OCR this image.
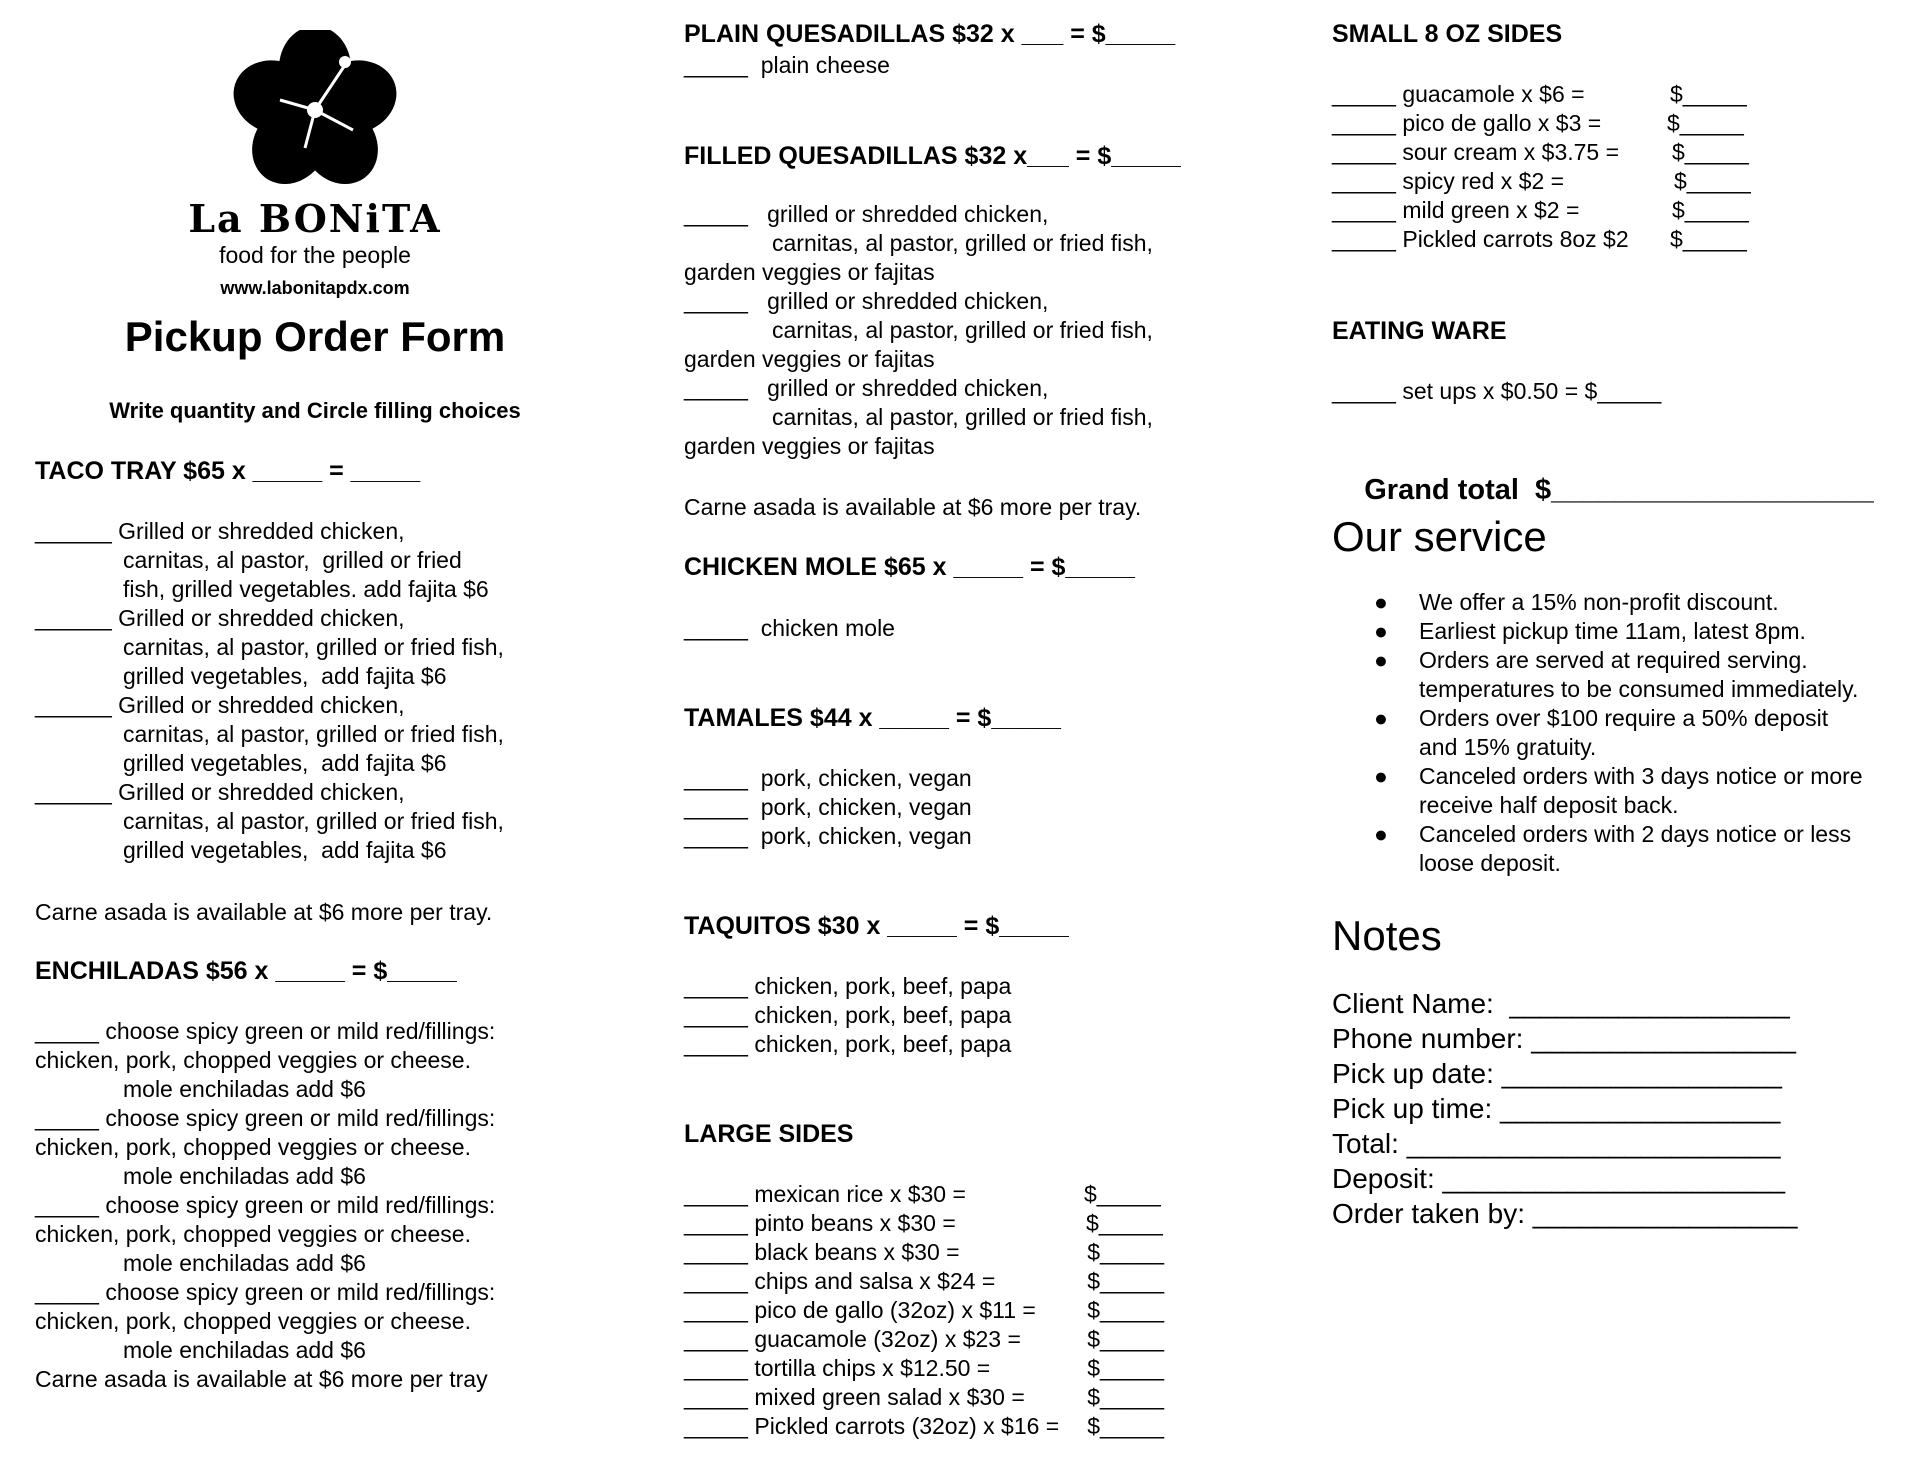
La BONiTA
food for the people
www.labonitapdx.com
Pickup Order Form
Write quantity and Circle filling choices
TACO TRAY $65 x _____ = _____
______ Grilled or shredded chicken,
carnitas, al pastor,  grilled or fried
fish, grilled vegetables. add fajita $6
______ Grilled or shredded chicken,
carnitas, al pastor, grilled or fried fish,
grilled vegetables,  add fajita $6
______ Grilled or shredded chicken,
carnitas, al pastor, grilled or fried fish,
grilled vegetables,  add fajita $6
______ Grilled or shredded chicken,
carnitas, al pastor, grilled or fried fish,
grilled vegetables,  add fajita $6
Carne asada is available at $6 more per tray.
ENCHILADAS $56 x _____ = $_____
_____ choose spicy green or mild red/fillings:
chicken, pork, chopped veggies or cheese.
mole enchiladas add $6
_____ choose spicy green or mild red/fillings:
chicken, pork, chopped veggies or cheese.
mole enchiladas add $6
_____ choose spicy green or mild red/fillings:
chicken, pork, chopped veggies or cheese.
mole enchiladas add $6
_____ choose spicy green or mild red/fillings:
chicken, pork, chopped veggies or cheese.
mole enchiladas add $6
Carne asada is available at $6 more per tray
PLAIN QUESADILLAS $32 x ___ = $_____
_____  plain cheese
FILLED QUESADILLAS $32 x___ = $_____
_____   grilled or shredded chicken,
carnitas, al pastor, grilled or fried fish,
garden veggies or fajitas
_____   grilled or shredded chicken,
carnitas, al pastor, grilled or fried fish,
garden veggies or fajitas
_____   grilled or shredded chicken,
carnitas, al pastor, grilled or fried fish,
garden veggies or fajitas
Carne asada is available at $6 more per tray.
CHICKEN MOLE $65 x _____ = $_____
_____  chicken mole
TAMALES $44 x _____ = $_____
_____  pork, chicken, vegan
_____  pork, chicken, vegan
_____  pork, chicken, vegan
TAQUITOS $30 x _____ = $_____
_____ chicken, pork, beef, papa
_____ chicken, pork, beef, papa
_____ chicken, pork, beef, papa
LARGE SIDES
_____ mexican rice x $30 =	$_____
_____ pinto beans x $30 =	$_____
_____ black beans x $30 =	$_____
_____ chips and salsa x $24 =	$_____
_____ pico de gallo (32oz) x $11 =	$_____
_____ guacamole (32oz) x $23 =	$_____
_____ tortilla chips x $12.50 =	$_____
_____ mixed green salad x $30 =	$_____
_____ Pickled carrots (32oz) x $16 =	$_____
SMALL 8 OZ SIDES
_____ guacamole x $6 =	$_____
_____ pico de gallo x $3 =	$_____
_____ sour cream x $3.75 =	$_____
_____ spicy red x $2 =	$_____
_____ mild green x $2 =	$_____
_____ Pickled carrots 8oz $2	$_____
EATING WARE
_____ set ups x $0.50 = $_____

Grand total $____________________

Our service
● We offer a 15% non-profit discount.
● Earliest pickup time 11am, latest 8pm.
● Orders are served at required serving.
temperatures to be consumed immediately.
● Orders over $100 require a 50% deposit
and 15% gratuity.
● Canceled orders with 3 days notice or more
receive half deposit back.
● Canceled orders with 2 days notice or less
loose deposit.
Notes
Client Name:  __________________
Phone number: _________________
Pick up date: __________________
Pick up time: __________________
Total: ________________________
Deposit: ______________________
Order taken by: _________________
